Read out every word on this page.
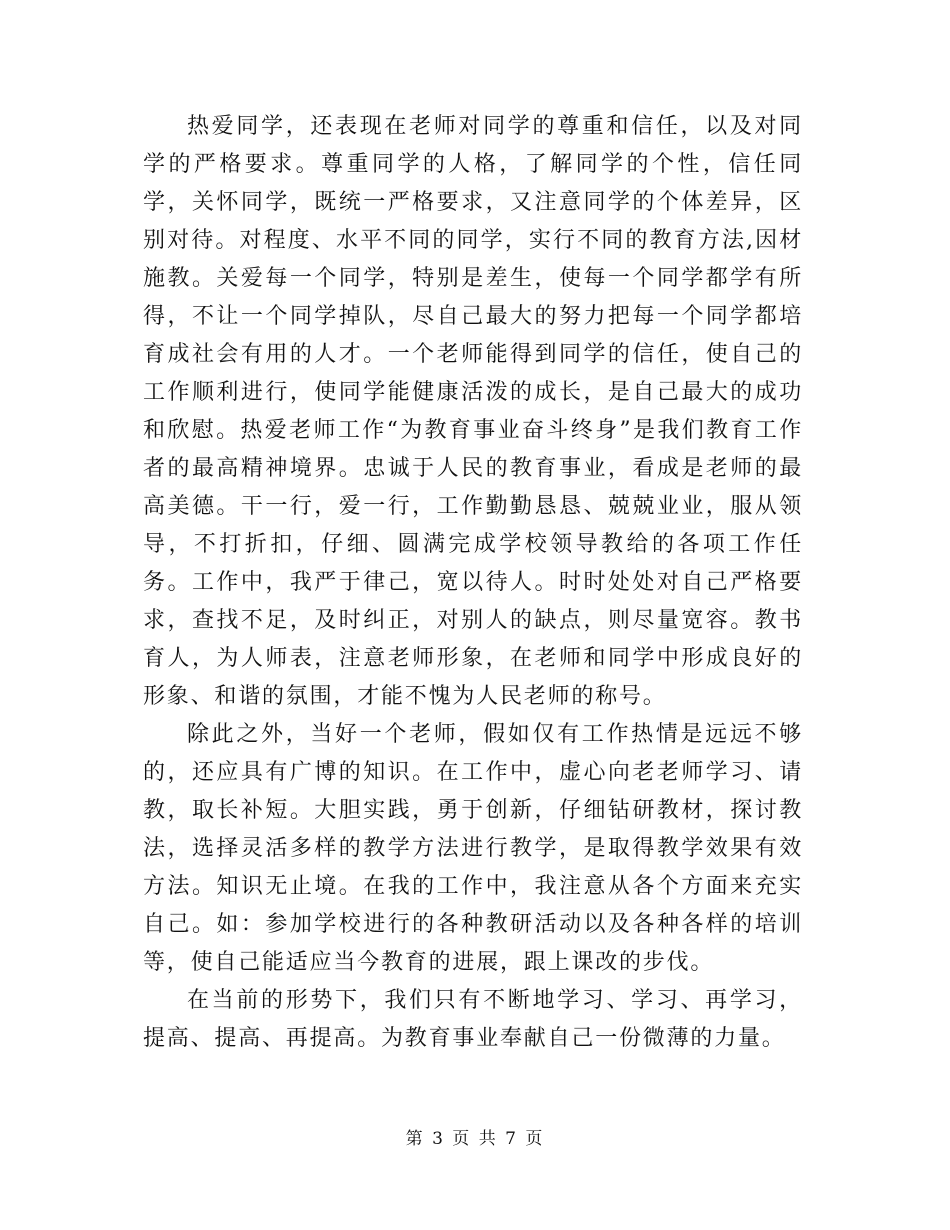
热爱同学，还表现在老师对同学的尊重和信任，以及对同学的严格要求。尊重同学的人格，了解同学的个性，信任同学，关怀同学，既统一严格要求，又注意同学的个体差异，区别对待。对程度、水平不同的同学，实行不同的教育方法,因材施教。关爱每一个同学，特别是差生，使每一个同学都学有所得，不让一个同学掉队，尽自己最大的努力把每一个同学都培育成社会有用的人才。一个老师能得到同学的信任，使自己的工作顺利进行，使同学能健康活泼的成长，是自己最大的成功和欣慰。热爱老师工作“为教育事业奋斗终身”是我们教育工作者的最高精神境界。忠诚于人民的教育事业，看成是老师的最高美德。干一行，爱一行，工作勤勤恳恳、兢兢业业，服从领导，不打折扣，仔细、圆满完成学校领导教给的各项工作任务。工作中，我严于律己，宽以待人。时时处处对自己严格要求，查找不足，及时纠正，对别人的缺点，则尽量宽容。教书育人，为人师表，注意老师形象，在老师和同学中形成良好的形象、和谐的氛围，才能不愧为人民老师的称号。

除此之外，当好一个老师，假如仅有工作热情是远远不够的，还应具有广博的知识。在工作中，虚心向老老师学习、请教，取长补短。大胆实践，勇于创新，仔细钻研教材，探讨教法，选择灵活多样的教学方法进行教学，是取得教学效果有效方法。知识无止境。在我的工作中，我注意从各个方面来充实自己。如：参加学校进行的各种教研活动以及各种各样的培训等，使自己能适应当今教育的进展，跟上课改的步伐。

在当前的形势下，我们只有不断地学习、学习、再学习，提高、提高、再提高。为教育事业奉献自己一份微薄的力量。

第 3 页 共 7 页
